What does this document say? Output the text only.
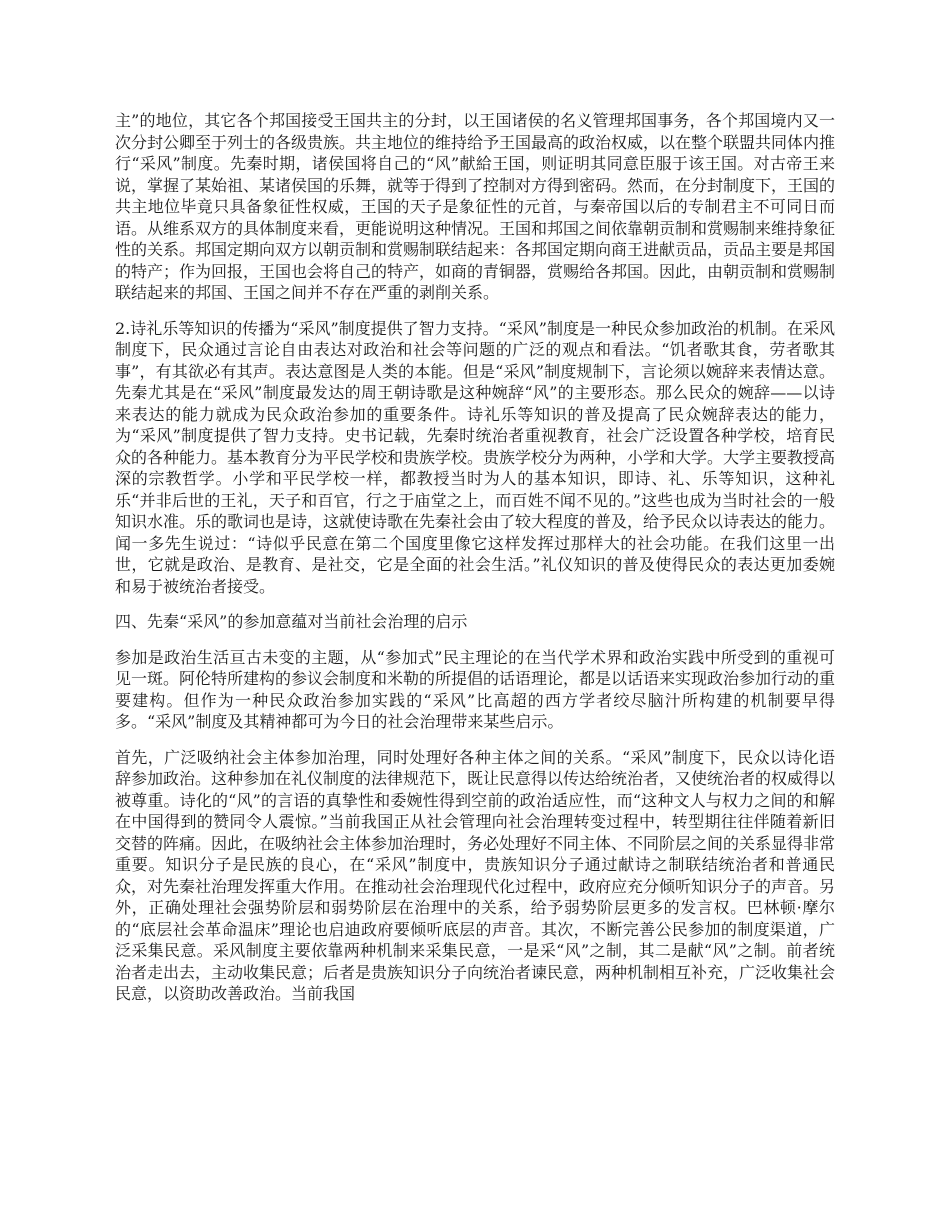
主”的地位，其它各个邦国接受王国共主的分封，以王国诸侯的名义管理邦国事务，各个邦国境内又一次分封公卿至于列士的各级贵族。共主地位的维持给予王国最高的政治权威，以在整个联盟共同体内推行“采风”制度。先秦时期，诸侯国将自己的“风”献給王国，则证明其同意臣服于该王国。对古帝王来说，掌握了某始祖、某诸侯国的乐舞，就等于得到了控制对方得到密码。然而，在分封制度下，王国的共主地位毕竟只具备象征性权威，王国的天子是象征性的元首，与秦帝国以后的专制君主不可同日而语。从维系双方的具体制度来看，更能说明这种情况。王国和邦国之间依靠朝贡制和赏赐制来维持象征性的关系。邦国定期向双方以朝贡制和赏赐制联结起来：各邦国定期向商王进献贡品，贡品主要是邦国的特产；作为回报，王国也会将自己的特产，如商的青铜器，赏赐给各邦国。因此，由朝贡制和赏赐制联结起来的邦国、王国之间并不存在严重的剥削关系。

2.诗礼乐等知识的传播为“采风”制度提供了智力支持。“采风”制度是一种民众参加政治的机制。在采风制度下，民众通过言论自由表达对政治和社会等问题的广泛的观点和看法。“饥者歌其食，劳者歌其事”，有其欲必有其声。表达意图是人类的本能。但是“采风”制度规制下，言论须以婉辞来表情达意。先秦尤其是在“采风”制度最发达的周王朝诗歌是这种婉辞“风”的主要形态。那么民众的婉辞——以诗来表达的能力就成为民众政治参加的重要条件。诗礼乐等知识的普及提高了民众婉辞表达的能力，为“采风”制度提供了智力支持。史书记载，先秦时统治者重视教育，社会广泛设置各种学校，培育民众的各种能力。基本教育分为平民学校和贵族学校。贵族学校分为两种，小学和大学。大学主要教授高深的宗教哲学。小学和平民学校一样，都教授当时为人的基本知识，即诗、礼、乐等知识，这种礼乐“并非后世的王礼，天子和百官，行之于庙堂之上，而百姓不闻不见的。”这些也成为当时社会的一般知识水准。乐的歌词也是诗，这就使诗歌在先秦社会由了较大程度的普及，给予民众以诗表达的能力。闻一多先生说过：“诗似乎民意在第二个国度里像它这样发挥过那样大的社会功能。在我们这里一出世，它就是政治、是教育、是社交，它是全面的社会生活。”礼仪知识的普及使得民众的表达更加委婉和易于被统治者接受。

四、先秦“采风”的参加意蕴对当前社会治理的启示

参加是政治生活亘古未变的主题，从“参加式”民主理论的在当代学术界和政治实践中所受到的重视可见一斑。阿伦特所建构的参议会制度和米勒的所提倡的话语理论，都是以话语来实现政治参加行动的重要建构。但作为一种民众政治参加实践的“采风”比高超的西方学者绞尽脑汁所构建的机制要早得多。“采风”制度及其精神都可为今日的社会治理带来某些启示。

首先，广泛吸纳社会主体参加治理，同时处理好各种主体之间的关系。“采风”制度下，民众以诗化语辞参加政治。这种参加在礼仪制度的法律规范下，既让民意得以传达给统治者，又使统治者的权威得以被尊重。诗化的“风”的言语的真挚性和委婉性得到空前的政治适应性，而“这种文人与权力之间的和解在中国得到的赞同令人震惊。”当前我国正从社会管理向社会治理转变过程中，转型期往往伴随着新旧交替的阵痛。因此，在吸纳社会主体参加治理时，务必处理好不同主体、不同阶层之间的关系显得非常重要。知识分子是民族的良心，在“采风”制度中，贵族知识分子通过献诗之制联结统治者和普通民众，对先秦社治理发挥重大作用。在推动社会治理现代化过程中，政府应充分倾听知识分子的声音。另外，正确处理社会强势阶层和弱势阶层在治理中的关系，给予弱势阶层更多的发言权。巴林顿·摩尔的“底层社会革命温床”理论也启迪政府要倾听底层的声音。其次，不断完善公民参加的制度渠道，广泛采集民意。采风制度主要依靠两种机制来采集民意，一是采“风”之制，其二是献“风”之制。前者统治者走出去，主动收集民意；后者是贵族知识分子向统治者谏民意，两种机制相互补充，广泛收集社会民意，以资助改善政治。当前我国
